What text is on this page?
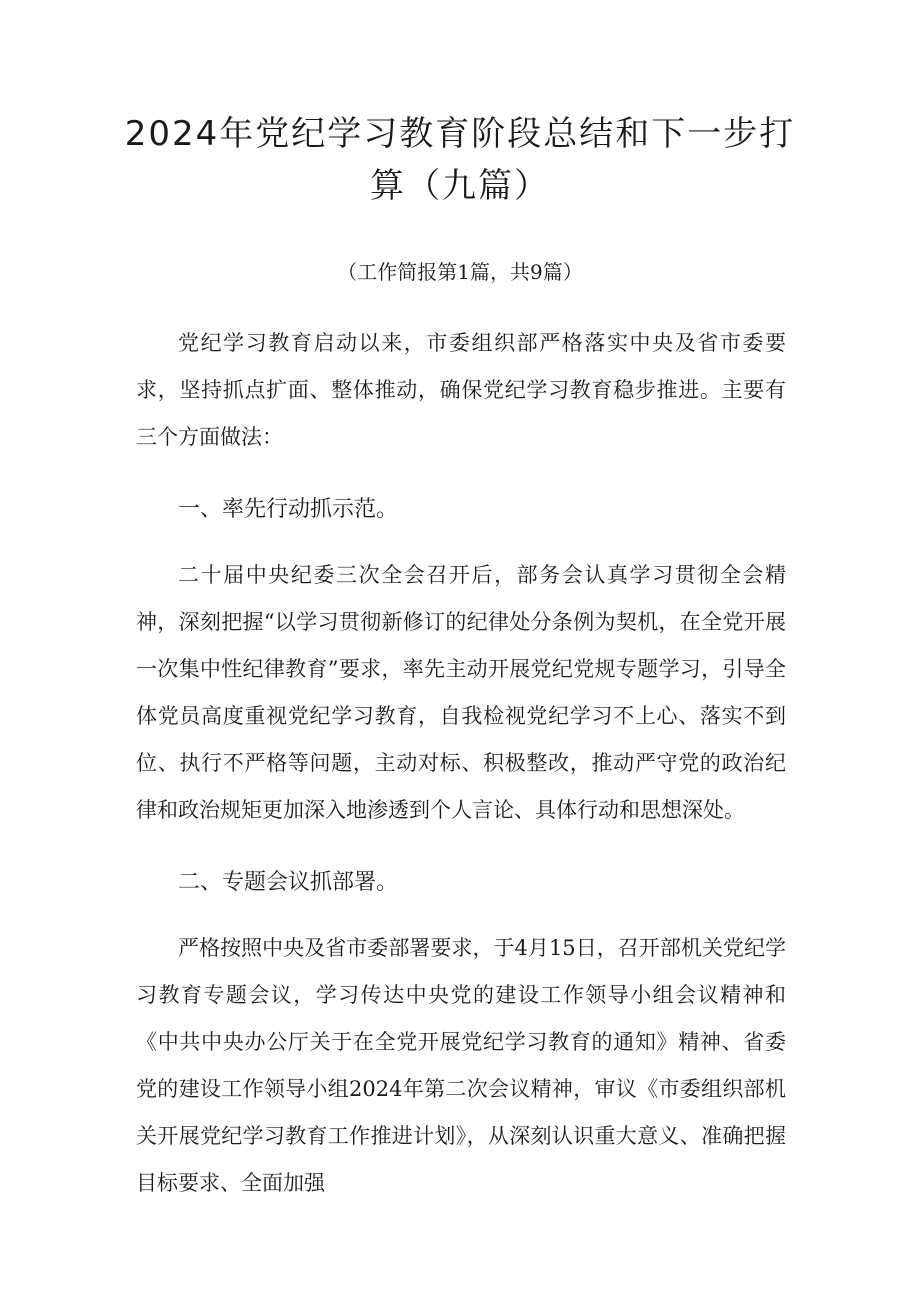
2024年党纪学习教育阶段总结和下一步打算（九篇）

（工作简报第1篇，共9篇）

党纪学习教育启动以来，市委组织部严格落实中央及省市委要求，坚持抓点扩面、整体推动，确保党纪学习教育稳步推进。主要有三个方面做法：

一、率先行动抓示范。

二十届中央纪委三次全会召开后，部务会认真学习贯彻全会精神，深刻把握“以学习贯彻新修订的纪律处分条例为契机，在全党开展一次集中性纪律教育”要求，率先主动开展党纪党规专题学习，引导全体党员高度重视党纪学习教育，自我检视党纪学习不上心、落实不到位、执行不严格等问题，主动对标、积极整改，推动严守党的政治纪律和政治规矩更加深入地渗透到个人言论、具体行动和思想深处。

二、专题会议抓部署。

严格按照中央及省市委部署要求，于4月15日，召开部机关党纪学习教育专题会议，学习传达中央党的建设工作领导小组会议精神和《中共中央办公厅关于在全党开展党纪学习教育的通知》精神、省委党的建设工作领导小组2024年第二次会议精神，审议《市委组织部机关开展党纪学习教育工作推进计划》，从深刻认识重大意义、准确把握目标要求、全面加强
